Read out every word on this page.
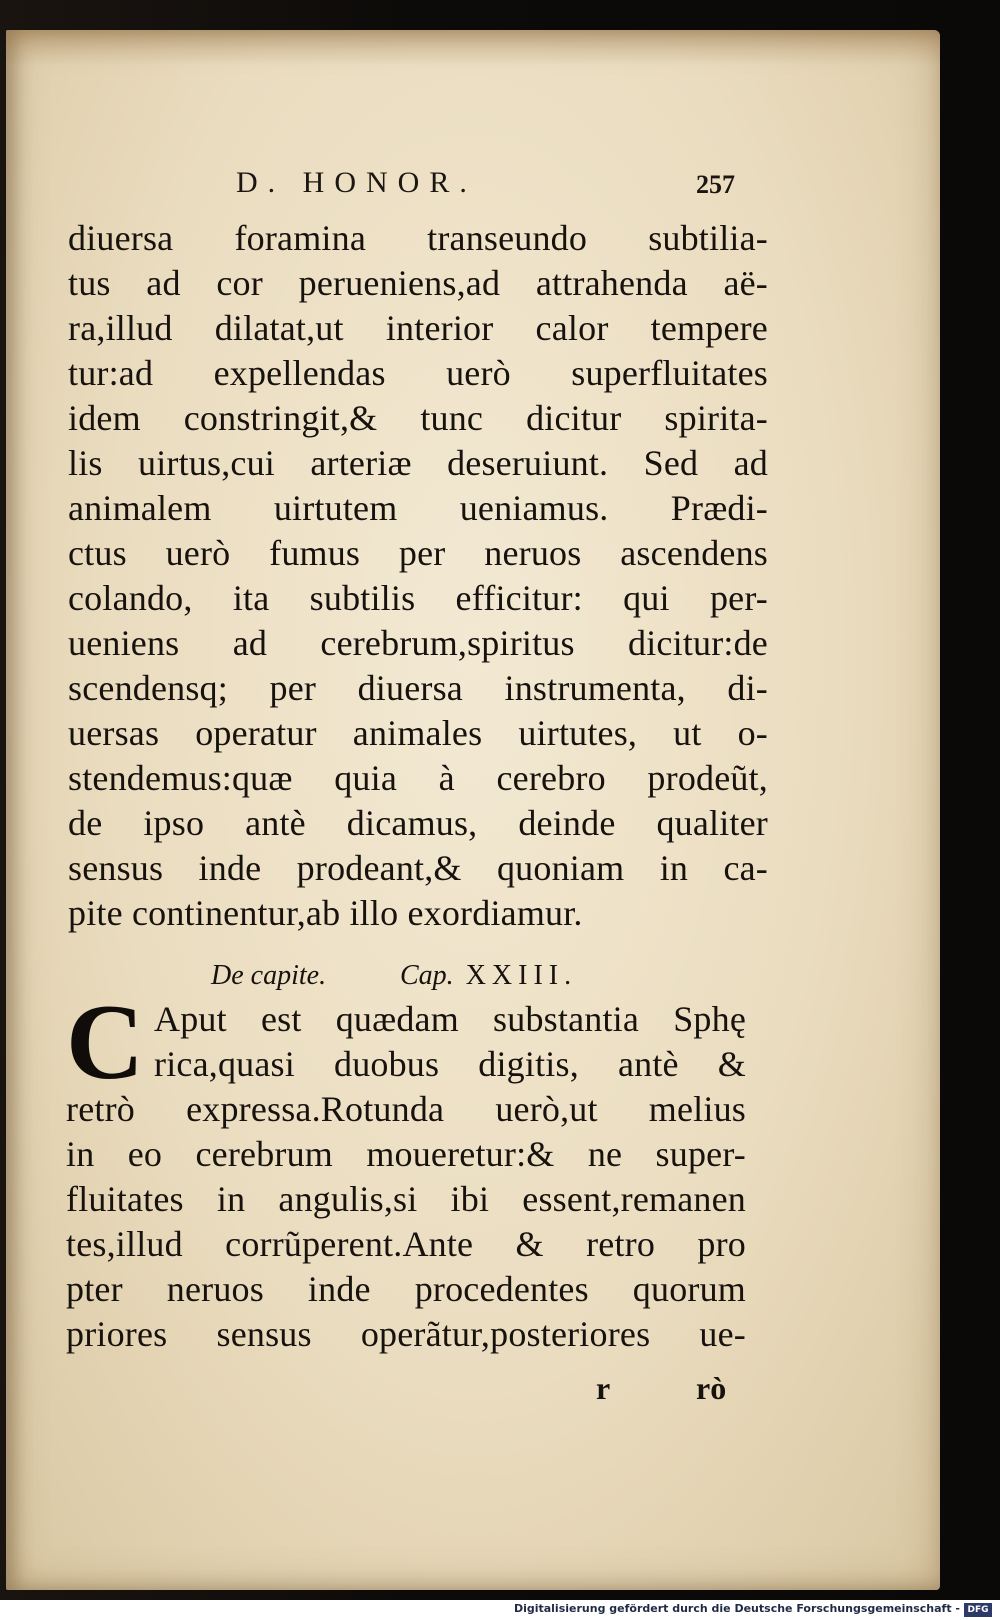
D. HONOR.	257
diuersa foramina transeundo subtilia-
tus ad cor perueniens,ad attrahenda aë-
ra,illud dilatat,ut interior calor tempere
tur:ad expellendas uerò superfluitates
idem constringit,& tunc dicitur spirita-
lis uirtus,cui arteriæ deseruiunt. Sed ad
animalem uirtutem ueniamus. Prædi-
ctus uerò fumus per neruos ascendens
colando, ita subtilis efficitur: qui per-
ueniens ad cerebrum,spiritus dicitur:de
scendensq; per diuersa instrumenta, di-
uersas operatur animales uirtutes, ut o-
stendemus:quæ quia à cerebro prodeũt,
de ipso antè dicamus, deinde qualiter
sensus inde prodeant,& quoniam in ca-
pite continentur,ab illo exordiamur.
De capite.	Cap. XXIII.
C Aput est quædam substantia Sphę
rica,quasi duobus digitis, antè &
retrò expressa.Rotunda uerò,ut melius
in eo cerebrum moueretur:& ne super-
fluitates in angulis,si ibi essent,remanen
tes,illud corrũperent.Ante & retro pro
pter neruos inde procedentes quorum
priores sensus operãtur,posteriores ue-
r	rò
Digitalisierung gefördert durch die Deutsche Forschungsgemeinschaft - DFG
